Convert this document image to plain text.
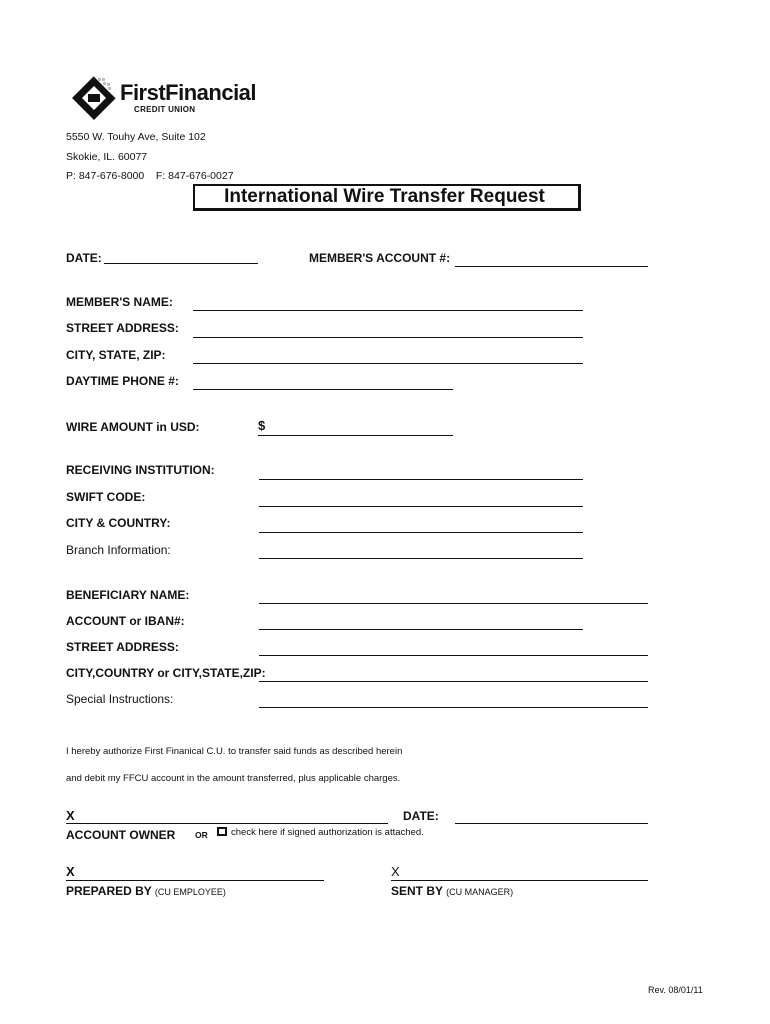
FirstFinancial
CREDIT UNION
5550 W. Touhy Ave, Suite 102
Skokie, IL. 60077
P: 847-676-8000    F: 847-676-0027
International Wire Transfer Request
DATE:	MEMBER'S ACCOUNT #:
MEMBER'S NAME:
STREET ADDRESS:
CITY, STATE, ZIP:
DAYTIME PHONE #:
WIRE AMOUNT in USD:	$
RECEIVING INSTITUTION:
SWIFT CODE:
CITY & COUNTRY:
Branch Information:
BENEFICIARY NAME:
ACCOUNT or IBAN#:
STREET ADDRESS:
CITY,COUNTRY or CITY,STATE,ZIP:
Special Instructions:
I hereby authorize First Finanical C.U. to transfer said funds as described herein
and debit my FFCU account in the amount transferred, plus applicable charges.
X	DATE:
ACCOUNT OWNER OR check here if signed authorization is attached.
X	X
PREPARED BY (CU EMPLOYEE)	SENT BY (CU MANAGER)
Rev. 08/01/11
